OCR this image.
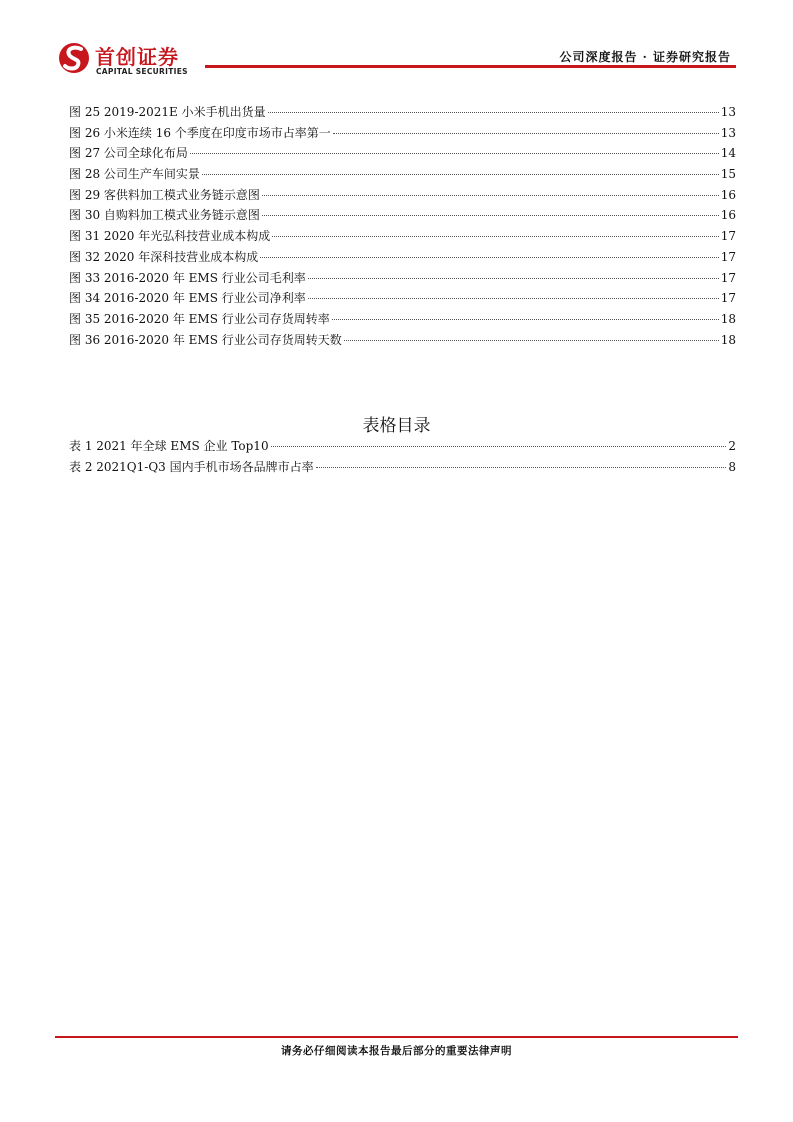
首创证券
CAPITAL SECURITIES
公司深度报告 · 证券研究报告
图 25 2019-2021E 小米手机出货量	13
图 26 小米连续 16 个季度在印度市场市占率第一	13
图 27 公司全球化布局	14
图 28 公司生产车间实景	15
图 29 客供料加工模式业务链示意图	16
图 30 自购料加工模式业务链示意图	16
图 31 2020 年光弘科技营业成本构成	17
图 32 2020 年深科技营业成本构成	17
图 33 2016-2020 年 EMS 行业公司毛利率	17
图 34 2016-2020 年 EMS 行业公司净利率	17
图 35 2016-2020 年 EMS 行业公司存货周转率	18
图 36 2016-2020 年 EMS 行业公司存货周转天数	18
表格目录
表 1 2021 年全球 EMS 企业 Top10	2
表 2 2021Q1-Q3 国内手机市场各品牌市占率	8
请务必仔细阅读本报告最后部分的重要法律声明
